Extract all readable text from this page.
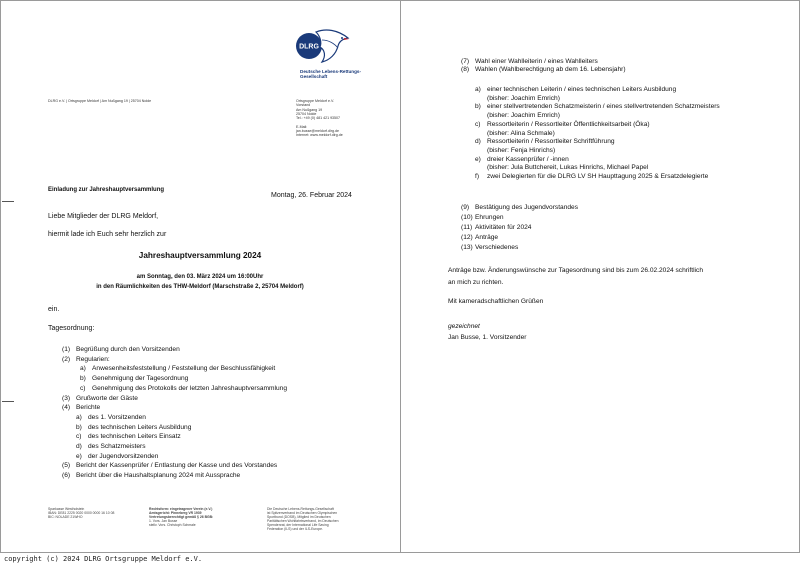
DLRG
Deutsche Lebens-Rettungs-
Gesellschaft
DLRG e.V. | Ortsgruppe Meldorf | Am Nußgang 19 | 25704 Nolde	Ortsgruppe Meldorf e.V.
Vorstand
Am Nußgang 19
25704 Nolde
Tel.: +49 (0) 481 421 93507

E-Mail:
jan.busse@meldorf.dlrg.de
Internet: www.meldorf.dlrg.de
Einladung zur Jahreshauptversammlung
Montag, 26. Februar 2024
Liebe Mitglieder der DLRG Meldorf,
hiermit lade ich Euch sehr herzlich zur
Jahreshauptversammlung 2024
am Sonntag, den 03. März 2024 um 16:00Uhr
in den Räumlichkeiten des THW-Meldorf (Marschstraße 2, 25704 Meldorf)
ein.
Tagesordnung:
(1) Begrüßung durch den Vorsitzenden
(2) Regularien:
a) Anwesenheitsfeststellung / Feststellung der Beschlussfähigkeit
b) Genehmigung der Tagesordnung
c) Genehmigung des Protokolls der letzten Jahreshauptversammlung
(3) Grußworte der Gäste
(4) Berichte
a) des 1. Vorsitzenden
b) des technischen Leiters Ausbildung
c) des technischen Leiters Einsatz
d) des Schatzmeisters
e) der Jugendvorsitzenden
(5) Bericht der Kassenprüfer / Entlastung der Kasse und des Vorstandes
(6) Bericht über die Haushaltsplanung 2024 mit Aussprache
Sparkasse Westholstein
IBAN: DE81 2225 0020 0000 0000 16 10 08
BIC: NOLADE 21WHO
Rechtsform: eingetragener Verein (e.V.)
Amtsgericht: Pinneberg VR 1939
Vertretungsberechtigt gemäß § 26 BGB:
1. Vors. Jan Busse
stellv. Vors. Christoph Schmale
Die Deutsche Lebens-Rettungs-Gesellschaft
ist Spitzenverband im Deutschen Olympischen
Sportbund (DOSB), Mitglied im Deutschen
Paritätischen Wohlfahrtsverband, im Deutschen
Spendenrat, der International Life Saving
Federation (ILS) und der ILS-Europe.
(7) Wahl einer Wahlleiterin / eines Wahlleiters
(8) Wahlen (Wahlberechtigung ab dem 16. Lebensjahr)
a) einer technischen Leiterin / eines technischen Leiters Ausbildung
(bisher: Joachim Emrich)
b) einer stellvertretenden Schatzmeisterin / eines stellvertretenden Schatzmeisters
(bisher: Joachim Emrich)
c) Ressortleiterin / Ressortleiter Öffentlichkeitsarbeit (Öka)
(bisher: Alina Schmale)
d) Ressortleiterin / Ressortleiter Schriftführung
(bisher: Fenja Hinrichs)
e) dreier Kassenprüfer / -innen
(bisher: Jula Buttchereit, Lukas Hinrichs, Michael Papel
f)	zwei Delegierten für die DLRG LV SH Haupttagung 2025 & Ersatzdelegierte
(9) Bestätigung des Jugendvorstandes
(10) Ehrungen
(11) Aktivitäten für 2024
(12) Anträge
(13) Verschiedenes
Anträge bzw. Änderungswünsche zur Tagesordnung sind bis zum 26.02.2024 schriftlich
an mich zu richten.
Mit kameradschaftlichen Grüßen
gezeichnet
Jan Busse, 1. Vorsitzender
copyright (c) 2024 DLRG Ortsgruppe Meldorf e.V.
